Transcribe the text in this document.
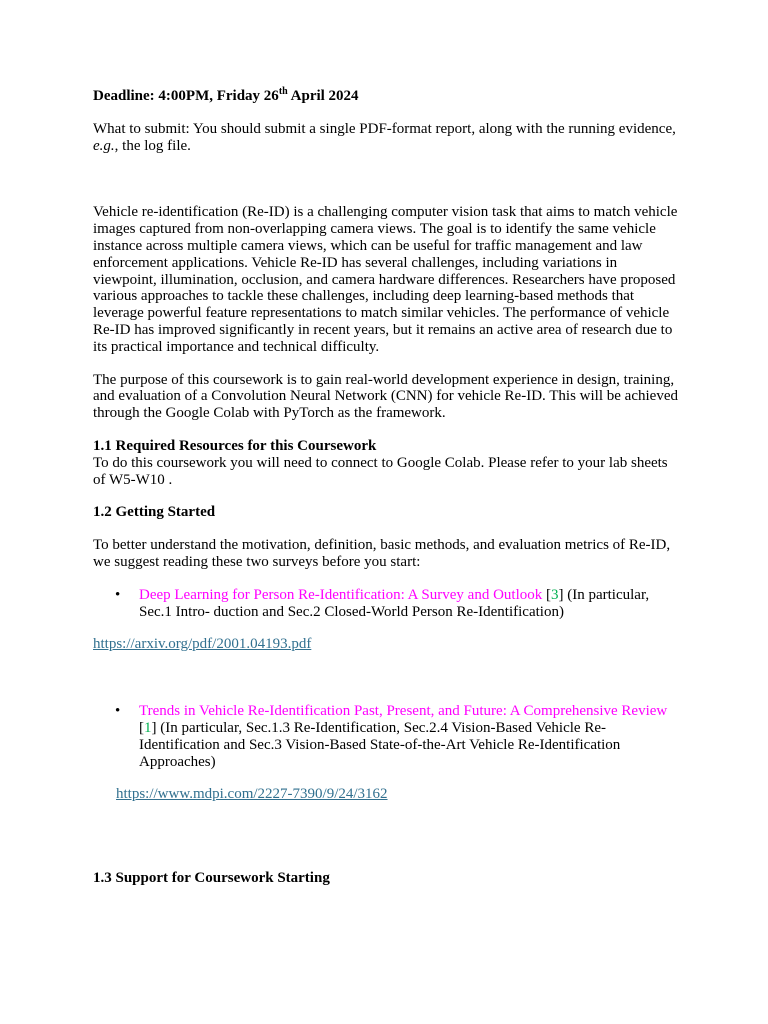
Deadline: 4:00PM, Friday 26th April 2024

What to submit: You should submit a single PDF-format report, along with the running evidence, e.g., the log file.

Vehicle re-identification (Re-ID) is a challenging computer vision task that aims to match vehicle images captured from non-overlapping camera views. The goal is to identify the same vehicle instance across multiple camera views, which can be useful for traffic management and law enforcement applications. Vehicle Re-ID has several challenges, including variations in viewpoint, illumination, occlusion, and camera hardware differences. Researchers have proposed various approaches to tackle these challenges, including deep learning-based methods that leverage powerful feature representations to match similar vehicles. The performance of vehicle Re-ID has improved significantly in recent years, but it remains an active area of research due to its practical importance and technical difficulty.

The purpose of this coursework is to gain real-world development experience in design, training, and evaluation of a Convolution Neural Network (CNN) for vehicle Re-ID. This will be achieved through the Google Colab with PyTorch as the framework.

1.1 Required Resources for this Coursework

To do this coursework you will need to connect to Google Colab. Please refer to your lab sheets of W5-W10 .

1.2 Getting Started

To better understand the motivation, definition, basic methods, and evaluation metrics of Re-ID, we suggest reading these two surveys before you start:

• Deep Learning for Person Re-Identification: A Survey and Outlook [3] (In particular, Sec.1 Intro- duction and Sec.2 Closed-World Person Re-Identification)

https://arxiv.org/pdf/2001.04193.pdf

• Trends in Vehicle Re-Identification Past, Present, and Future: A Comprehensive Review [1] (In particular, Sec.1.3 Re-Identification, Sec.2.4 Vision-Based Vehicle Re-Identification and Sec.3 Vision-Based State-of-the-Art Vehicle Re-Identification Approaches)

https://www.mdpi.com/2227-7390/9/24/3162

1.3 Support for Coursework Starting
